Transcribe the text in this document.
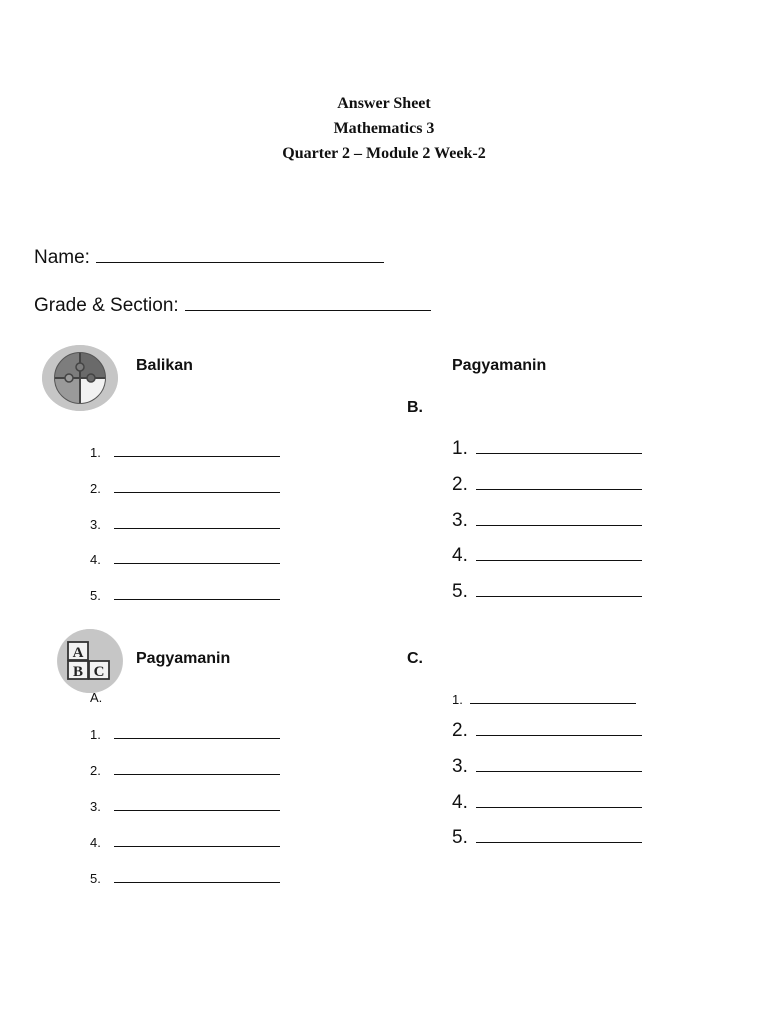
Answer Sheet
Mathematics 3
Quarter 2 – Module 2 Week-2
Name:
Grade & Section:
Balikan
1.
2.
3.
4.
5.
A
B C
Pagyamanin
A.
1.
2.
3.
4.
5.
Pagyamanin
B.
1.
2.
3.
4.
5.
C.
1.
2.
3.
4.
5.
